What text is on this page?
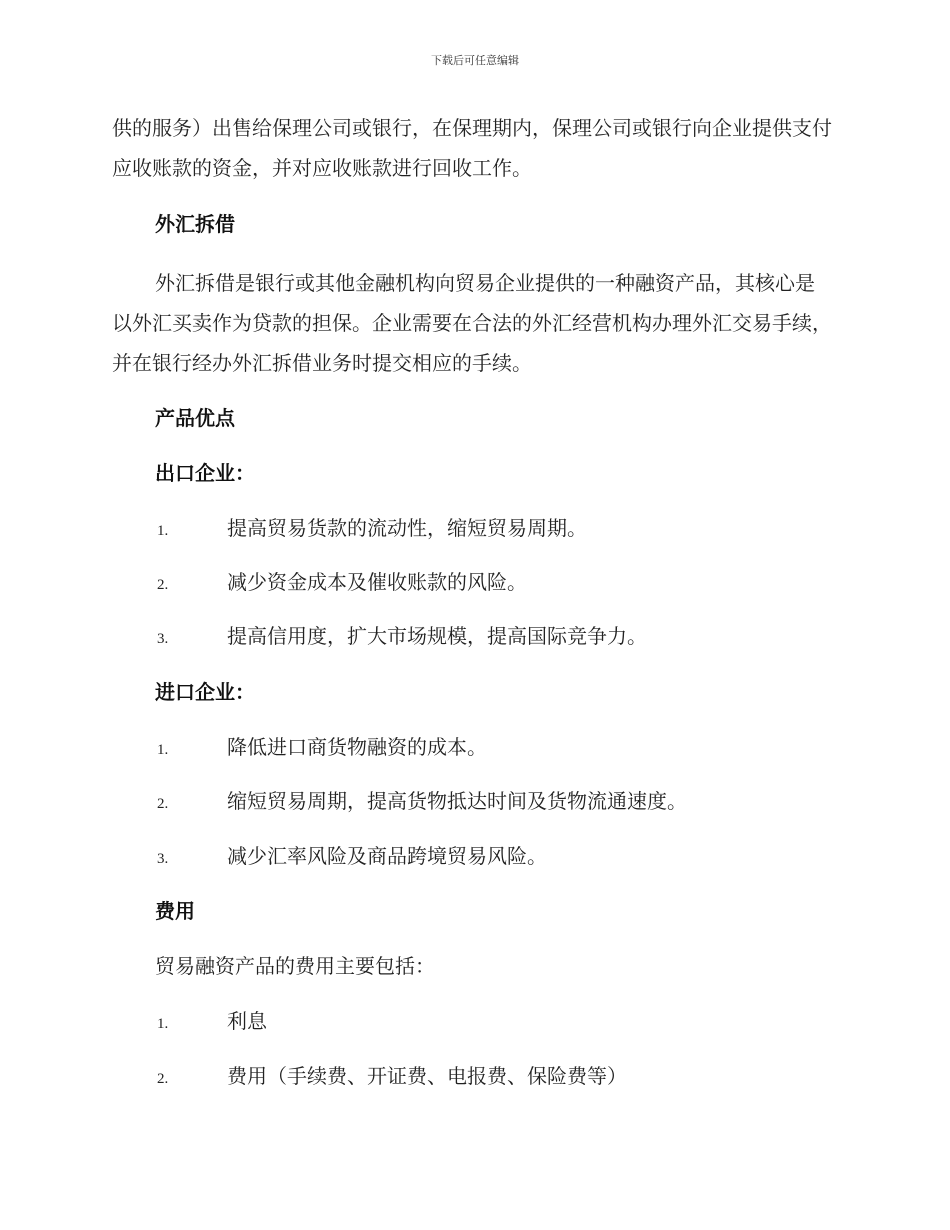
下载后可任意编辑

供的服务）出售给保理公司或银行，在保理期内，保理公司或银行向企业提供支付应收账款的资金，并对应收账款进行回收工作。

外汇拆借

外汇拆借是银行或其他金融机构向贸易企业提供的一种融资产品，其核心是以外汇买卖作为贷款的担保。企业需要在合法的外汇经营机构办理外汇交易手续，并在银行经办外汇拆借业务时提交相应的手续。

产品优点

出口企业：

1.	提高贸易货款的流动性，缩短贸易周期。
2.	减少资金成本及催收账款的风险。
3.	提高信用度，扩大市场规模，提高国际竞争力。

进口企业：

1.	降低进口商货物融资的成本。
2.	缩短贸易周期，提高货物抵达时间及货物流通速度。
3.	减少汇率风险及商品跨境贸易风险。

费用

贸易融资产品的费用主要包括：

1.	利息
2.	费用（手续费、开证费、电报费、保险费等）
